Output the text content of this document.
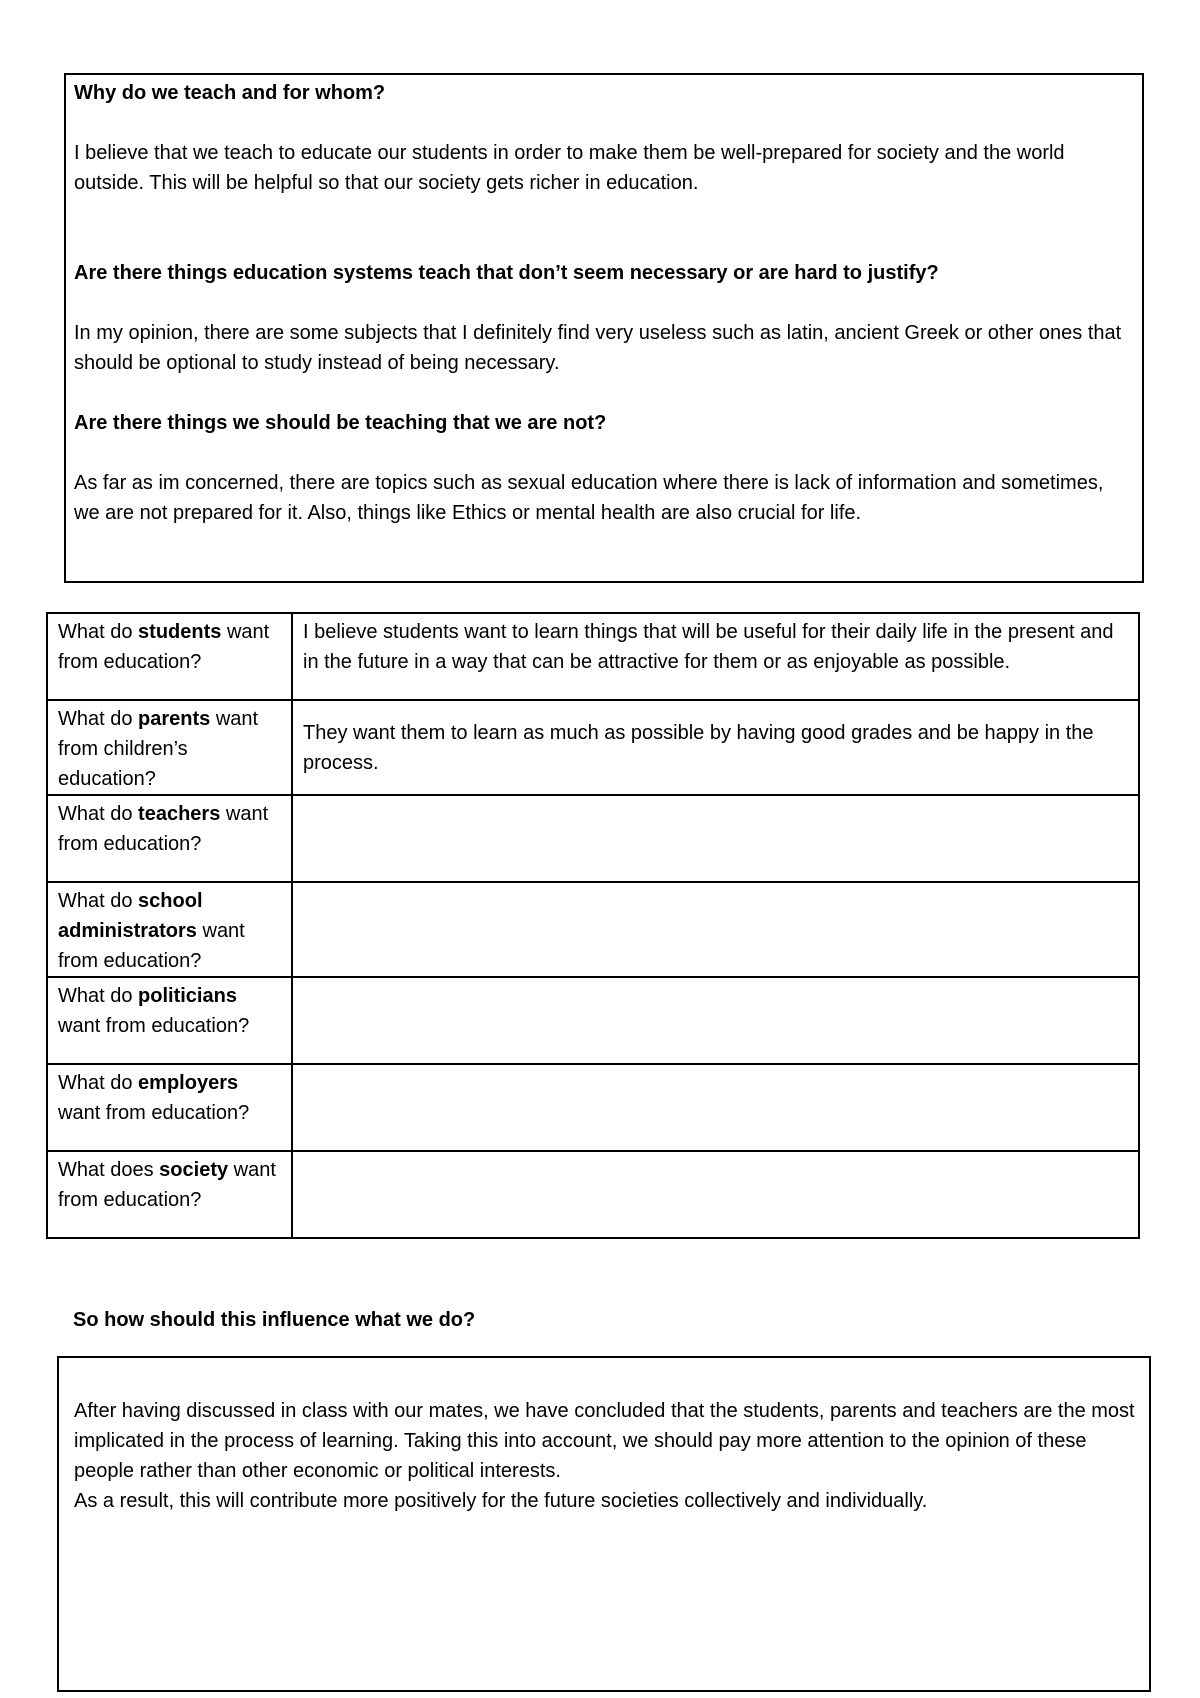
Why do we teach and for whom?

I believe that we teach to educate our students in order to make them be well-prepared for society and the world outside. This will be helpful so that our society gets richer in education.

Are there things education systems teach that don’t seem necessary or are hard to justify?

In my opinion, there are some subjects that I definitely find very useless such as latin, ancient Greek or other ones that should be optional to study instead of being necessary.

Are there things we should be teaching that we are not?

As far as im concerned, there are topics such as sexual education where there is lack of information and sometimes, we are not prepared for it. Also, things like Ethics or mental health are also crucial for life.

What do students want from education?	I believe students want to learn things that will be useful for their daily life in the present and in the future in a way that can be attractive for them or as enjoyable as possible.
What do parents want from children’s education?	They want them to learn as much as possible by having good grades and be happy in the process.
What do teachers want from education?	
What do school administrators want from education?	
What do politicians want from education?	
What do employers want from education?	
What does society want from education?	
So how should this influence what we do?

After having discussed in class with our mates, we have concluded that the students, parents and teachers are the most implicated in the process of learning. Taking this into account, we should pay more attention to the opinion of these people rather than other economic or political interests.

As a result, this will contribute more positively for the future societies collectively and individually.
